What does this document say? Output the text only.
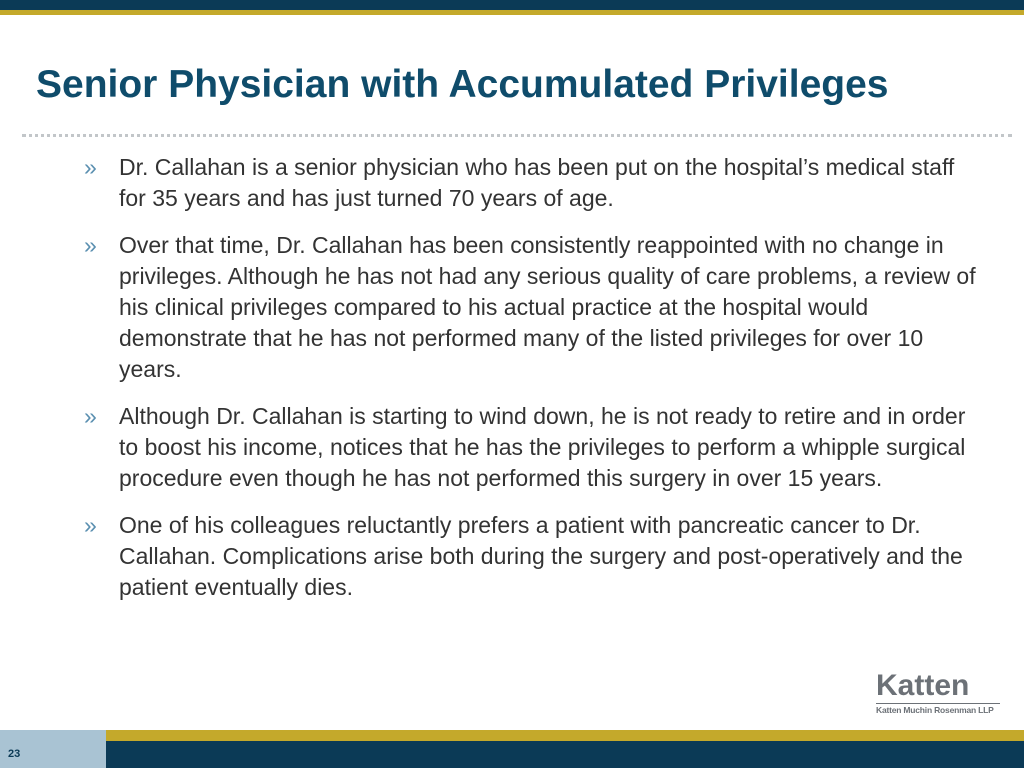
Senior Physician with Accumulated Privileges
» Dr. Callahan is a senior physician who has been put on the hospital’s medical staff for 35 years and has just turned 70 years of age.
» Over that time, Dr. Callahan has been consistently reappointed with no change in privileges. Although he has not had any serious quality of care problems, a review of his clinical privileges compared to his actual practice at the hospital would demonstrate that he has not performed many of the listed privileges for over 10 years.
» Although Dr. Callahan is starting to wind down, he is not ready to retire and in order to boost his income, notices that he has the privileges to perform a whipple surgical procedure even though he has not performed this surgery in over 15 years.
» One of his colleagues reluctantly prefers a patient with pancreatic cancer to Dr. Callahan. Complications arise both during the surgery and post-operatively and the patient eventually dies.
Katten
Katten Muchin Rosenman LLP
23
